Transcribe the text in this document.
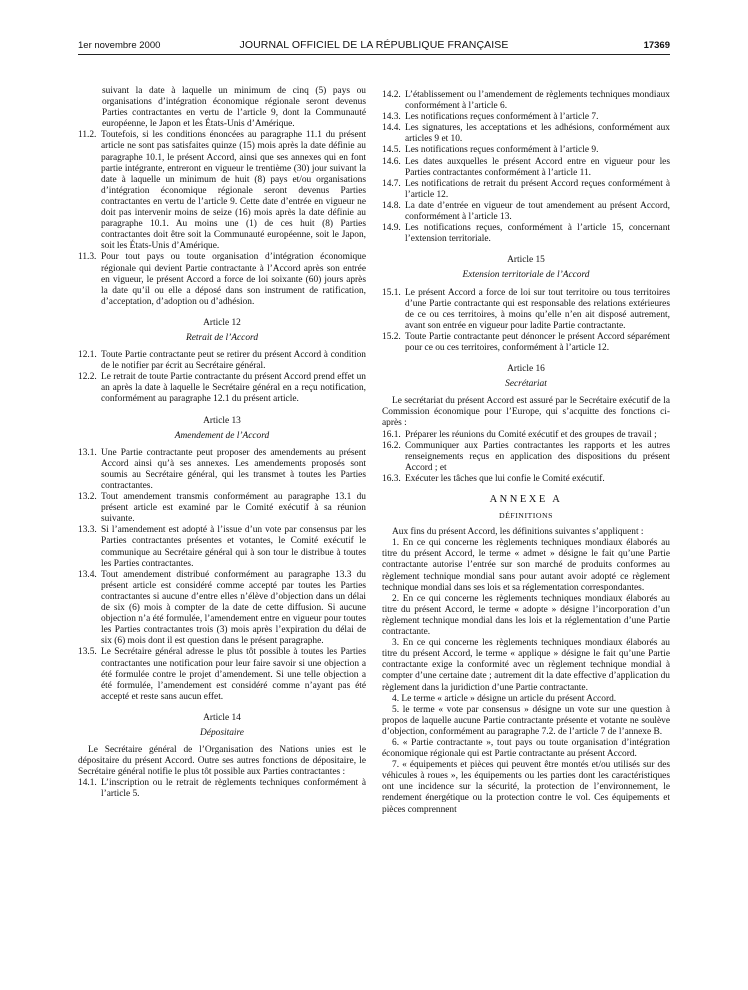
1er novembre 2000	JOURNAL OFFICIEL DE LA RÉPUBLIQUE FRANÇAISE	17369
suivant la date à laquelle un minimum de cinq (5) pays ou organisations d’intégration économique régionale seront devenus Parties contractantes en vertu de l’article 9, dont la Communauté européenne, le Japon et les États-Unis d’Amérique.
11.2. Toutefois, si les conditions énoncées au paragraphe 11.1 du présent article ne sont pas satisfaites quinze (15) mois après la date définie au paragraphe 10.1, le présent Accord, ainsi que ses annexes qui en font partie intégrante, entreront en vigueur le trentième (30) jour suivant la date à laquelle un minimum de huit (8) pays et/ou organisations d’intégration économique régionale seront devenus Parties contractantes en vertu de l’article 9. Cette date d’entrée en vigueur ne doit pas intervenir moins de seize (16) mois après la date définie au paragraphe 10.1. Au moins une (1) de ces huit (8) Parties contractantes doit être soit la Communauté européenne, soit le Japon, soit les États-Unis d’Amérique.
11.3. Pour tout pays ou toute organisation d’intégration économique régionale qui devient Partie contractante à l’Accord après son entrée en vigueur, le présent Accord a force de loi soixante (60) jours après la date qu’il ou elle a déposé dans son instrument de ratification, d’acceptation, d’adoption ou d’adhésion.
Article 12
Retrait de l’Accord
12.1. Toute Partie contractante peut se retirer du présent Accord à condition de le notifier par écrit au Secrétaire général.
12.2. Le retrait de toute Partie contractante du présent Accord prend effet un an après la date à laquelle le Secrétaire général en a reçu notification, conformément au paragraphe 12.1 du présent article.
Article 13
Amendement de l’Accord
13.1. Une Partie contractante peut proposer des amendements au présent Accord ainsi qu’à ses annexes. Les amendements proposés sont soumis au Secrétaire général, qui les transmet à toutes les Parties contractantes.
13.2. Tout amendement transmis conformément au paragraphe 13.1 du présent article est examiné par le Comité exécutif à sa réunion suivante.
13.3. Si l’amendement est adopté à l’issue d’un vote par consensus par les Parties contractantes présentes et votantes, le Comité exécutif le communique au Secrétaire général qui à son tour le distribue à toutes les Parties contractantes.
13.4. Tout amendement distribué conformément au paragraphe 13.3 du présent article est considéré comme accepté par toutes les Parties contractantes si aucune d’entre elles n’élève d’objection dans un délai de six (6) mois à compter de la date de cette diffusion. Si aucune objection n’a été formulée, l’amendement entre en vigueur pour toutes les Parties contractantes trois (3) mois après l’expiration du délai de six (6) mois dont il est question dans le présent paragraphe.
13.5. Le Secrétaire général adresse le plus tôt possible à toutes les Parties contractantes une notification pour leur faire savoir si une objection a été formulée contre le projet d’amendement. Si une telle objection a été formulée, l’amendement est considéré comme n’ayant pas été accepté et reste sans aucun effet.
Article 14
Dépositaire

Le Secrétaire général de l’Organisation des Nations unies est le dépositaire du présent Accord. Outre ses autres fonctions de dépositaire, le Secrétaire général notifie le plus tôt possible aux Parties contractantes :

14.1. L’inscription ou le retrait de règlements techniques conformément à l’article 5.
14.2. L’établissement ou l’amendement de règlements techniques mondiaux conformément à l’article 6.
14.3. Les notifications reçues conformément à l’article 7.
14.4. Les signatures, les acceptations et les adhésions, conformément aux articles 9 et 10.
14.5. Les notifications reçues conformément à l’article 9.
14.6. Les dates auxquelles le présent Accord entre en vigueur pour les Parties contractantes conformément à l’article 11.
14.7. Les notifications de retrait du présent Accord reçues conformément à l’article 12.
14.8. La date d’entrée en vigueur de tout amendement au présent Accord, conformément à l’article 13.
14.9. Les notifications reçues, conformément à l’article 15, concernant l’extension territoriale.
Article 15
Extension territoriale de l’Accord
15.1. Le présent Accord a force de loi sur tout territoire ou tous territoires d’une Partie contractante qui est responsable des relations extérieures de ce ou ces territoires, à moins qu’elle n’en ait disposé autrement, avant son entrée en vigueur pour ladite Partie contractante.
15.2. Toute Partie contractante peut dénoncer le présent Accord séparément pour ce ou ces territoires, conformément à l’article 12.
Article 16
Secrétariat

Le secrétariat du présent Accord est assuré par le Secrétaire exécutif de la Commission économique pour l’Europe, qui s’acquitte des fonctions ci-après :

16.1. Préparer les réunions du Comité exécutif et des groupes de travail ;
16.2. Communiquer aux Parties contractantes les rapports et les autres renseignements reçus en application des dispositions du présent Accord ; et
16.3. Exécuter les tâches que lui confie le Comité exécutif.
ANNEXE A
DÉFINITIONS

Aux fins du présent Accord, les définitions suivantes s’appliquent :

1. En ce qui concerne les règlements techniques mondiaux élaborés au titre du présent Accord, le terme « admet » désigne le fait qu’une Partie contractante autorise l’entrée sur son marché de produits conformes au règlement technique mondial sans pour autant avoir adopté ce règlement technique mondial dans ses lois et sa réglementation correspondantes.

2. En ce qui concerne les règlements techniques mondiaux élaborés au titre du présent Accord, le terme « adopte » désigne l’incorporation d’un règlement technique mondial dans les lois et la réglementation d’une Partie contractante.

3. En ce qui concerne les règlements techniques mondiaux élaborés au titre du présent Accord, le terme « applique » désigne le fait qu’une Partie contractante exige la conformité avec un règlement technique mondial à compter d’une certaine date ; autrement dit la date effective d’application du règlement dans la juridiction d’une Partie contractante.

4. Le terme « article » désigne un article du présent Accord.

5. le terme « vote par consensus » désigne un vote sur une question à propos de laquelle aucune Partie contractante présente et votante ne soulève d’objection, conformément au paragraphe 7.2. de l’article 7 de l’annexe B.

6. « Partie contractante », tout pays ou toute organisation d’intégration économique régionale qui est Partie contractante au présent Accord.

7. « équipements et pièces qui peuvent être montés et/ou utilisés sur des véhicules à roues », les équipements ou les parties dont les caractéristiques ont une incidence sur la sécurité, la protection de l’environnement, le rendement énergétique ou la protection contre le vol. Ces équipements et pièces comprennent
